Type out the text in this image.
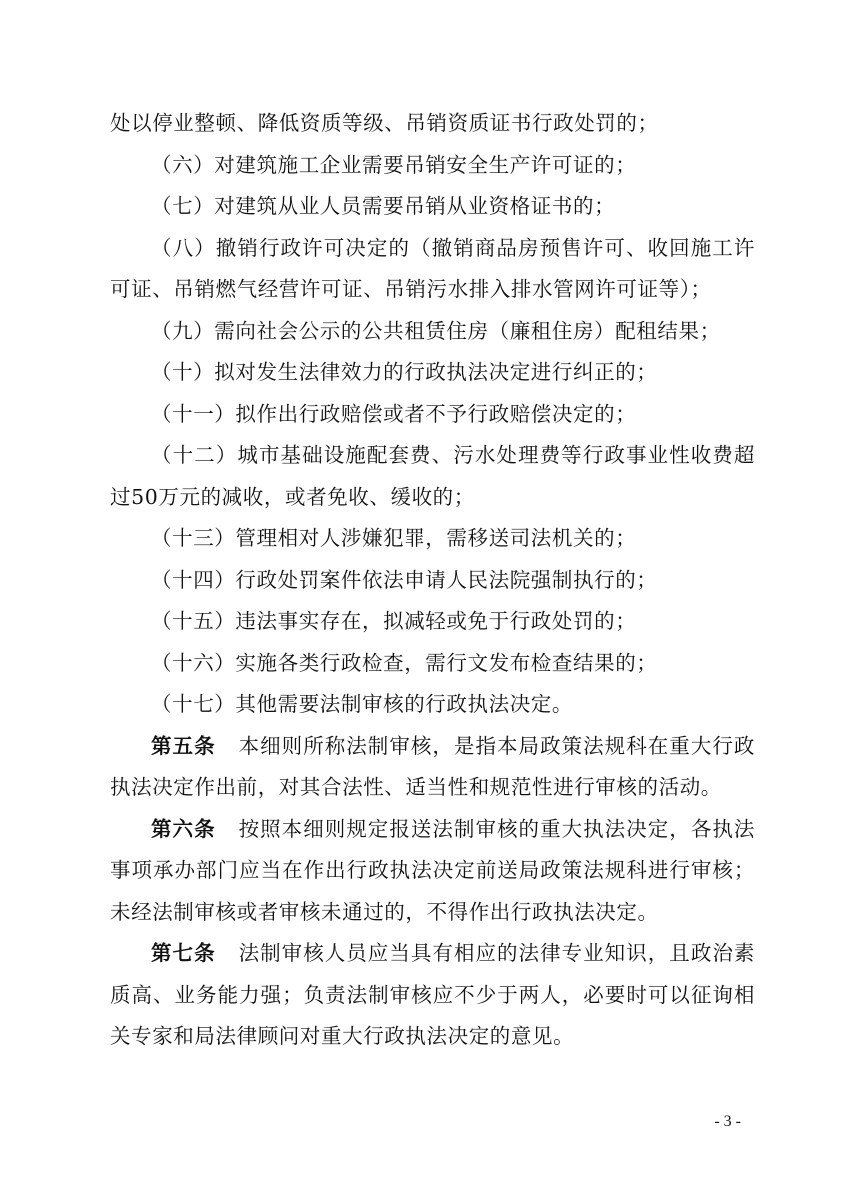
处以停业整顿、降低资质等级、吊销资质证书行政处罚的；

（六）对建筑施工企业需要吊销安全生产许可证的；

（七）对建筑从业人员需要吊销从业资格证书的；

（八）撤销行政许可决定的（撤销商品房预售许可、收回施工许可证、吊销燃气经营许可证、吊销污水排入排水管网许可证等）；

（九）需向社会公示的公共租赁住房（廉租住房）配租结果；

（十）拟对发生法律效力的行政执法决定进行纠正的；

（十一）拟作出行政赔偿或者不予行政赔偿决定的；

（十二）城市基础设施配套费、污水处理费等行政事业性收费超过50万元的减收，或者免收、缓收的；

（十三）管理相对人涉嫌犯罪，需移送司法机关的；

（十四）行政处罚案件依法申请人民法院强制执行的；

（十五）违法事实存在，拟减轻或免于行政处罚的；

（十六）实施各类行政检查，需行文发布检查结果的；

（十七）其他需要法制审核的行政执法决定。

第五条 本细则所称法制审核，是指本局政策法规科在重大行政执法决定作出前，对其合法性、适当性和规范性进行审核的活动。

第六条 按照本细则规定报送法制审核的重大执法决定，各执法事项承办部门应当在作出行政执法决定前送局政策法规科进行审核；未经法制审核或者审核未通过的，不得作出行政执法决定。

第七条 法制审核人员应当具有相应的法律专业知识，且政治素质高、业务能力强；负责法制审核应不少于两人，必要时可以征询相关专家和局法律顾问对重大行政执法决定的意见。

- 3 -
